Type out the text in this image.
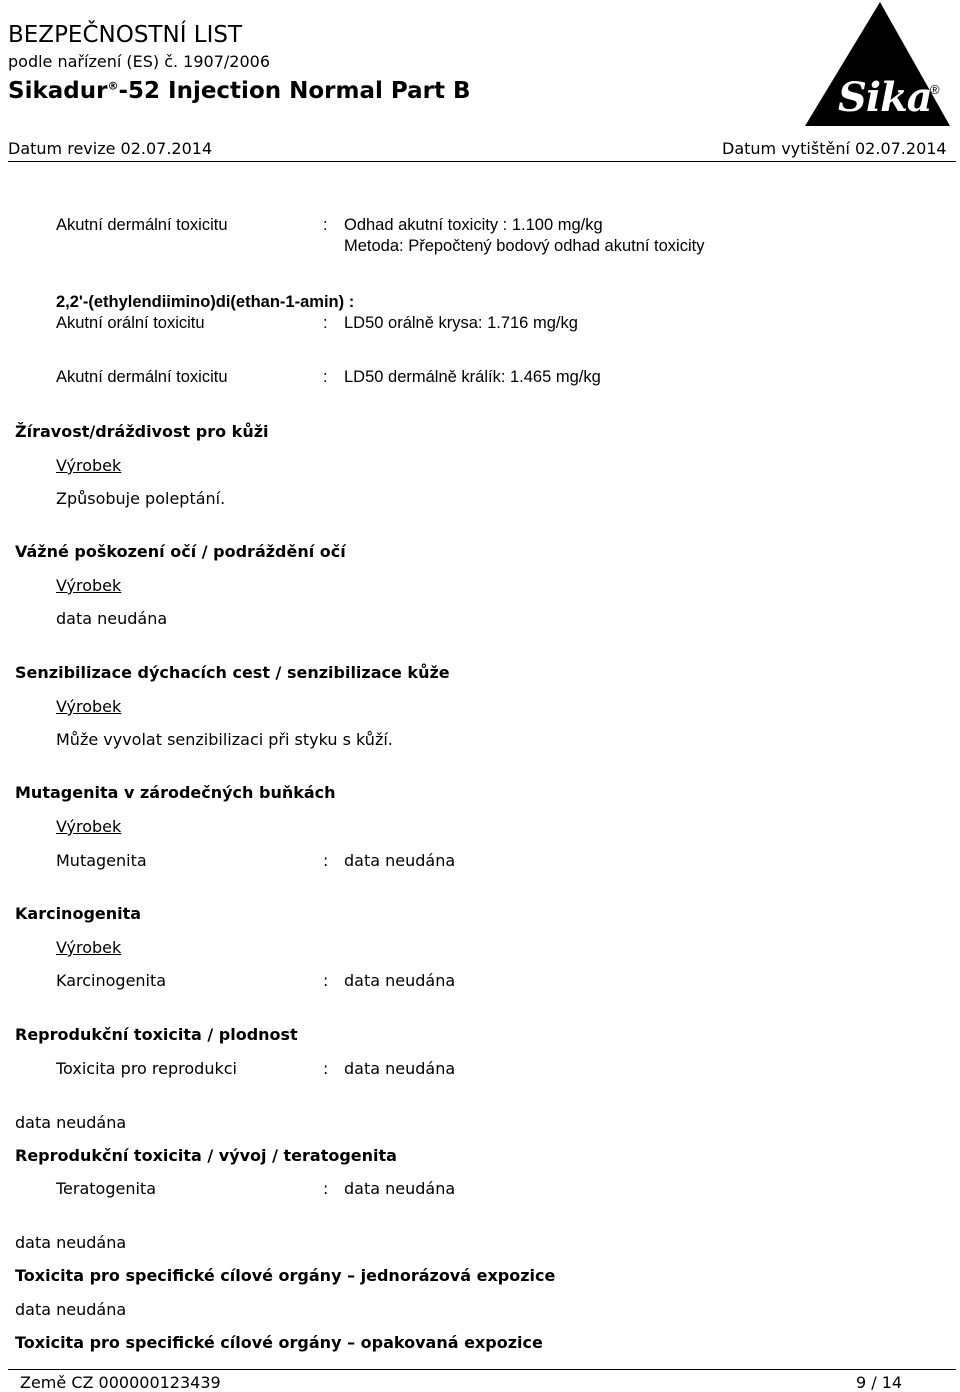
BEZPEČNOSTNÍ LIST
podle nařízení (ES) č. 1907/2006
Sikadur®-52 Injection Normal Part B
Datum revize 02.07.2014	Datum vytištění 02.07.2014
Sika
®
Akutní dermální toxicitu	: Odhad akutní toxicity : 1.100 mg/kg
Metoda: Přepočtený bodový odhad akutní toxicity
2,2'-(ethylendiimino)di(ethan-1-amin) :
Akutní orální toxicitu	: LD50 orálně krysa: 1.716 mg/kg
Akutní dermální toxicitu	: LD50 dermálně králík: 1.465 mg/kg
Žíravost/dráždivost pro kůži
Výrobek
Způsobuje poleptání.
Vážné poškození očí / podráždění očí
Výrobek
data neudána
Senzibilizace dýchacích cest / senzibilizace kůže
Výrobek
Může vyvolat senzibilizaci při styku s kůží.
Mutagenita v zárodečných buňkách
Výrobek
Mutagenita	: data neudána
Karcinogenita
Výrobek
Karcinogenita	: data neudána
Reprodukční toxicita / plodnost
Toxicita pro reprodukci	: data neudána
data neudána
Reprodukční toxicita / vývoj / teratogenita
Teratogenita	: data neudána
data neudána
Toxicita pro specifické cílové orgány – jednorázová expozice
data neudána
Toxicita pro specifické cílové orgány – opakovaná expozice
Země CZ 000000123439	9 / 14
